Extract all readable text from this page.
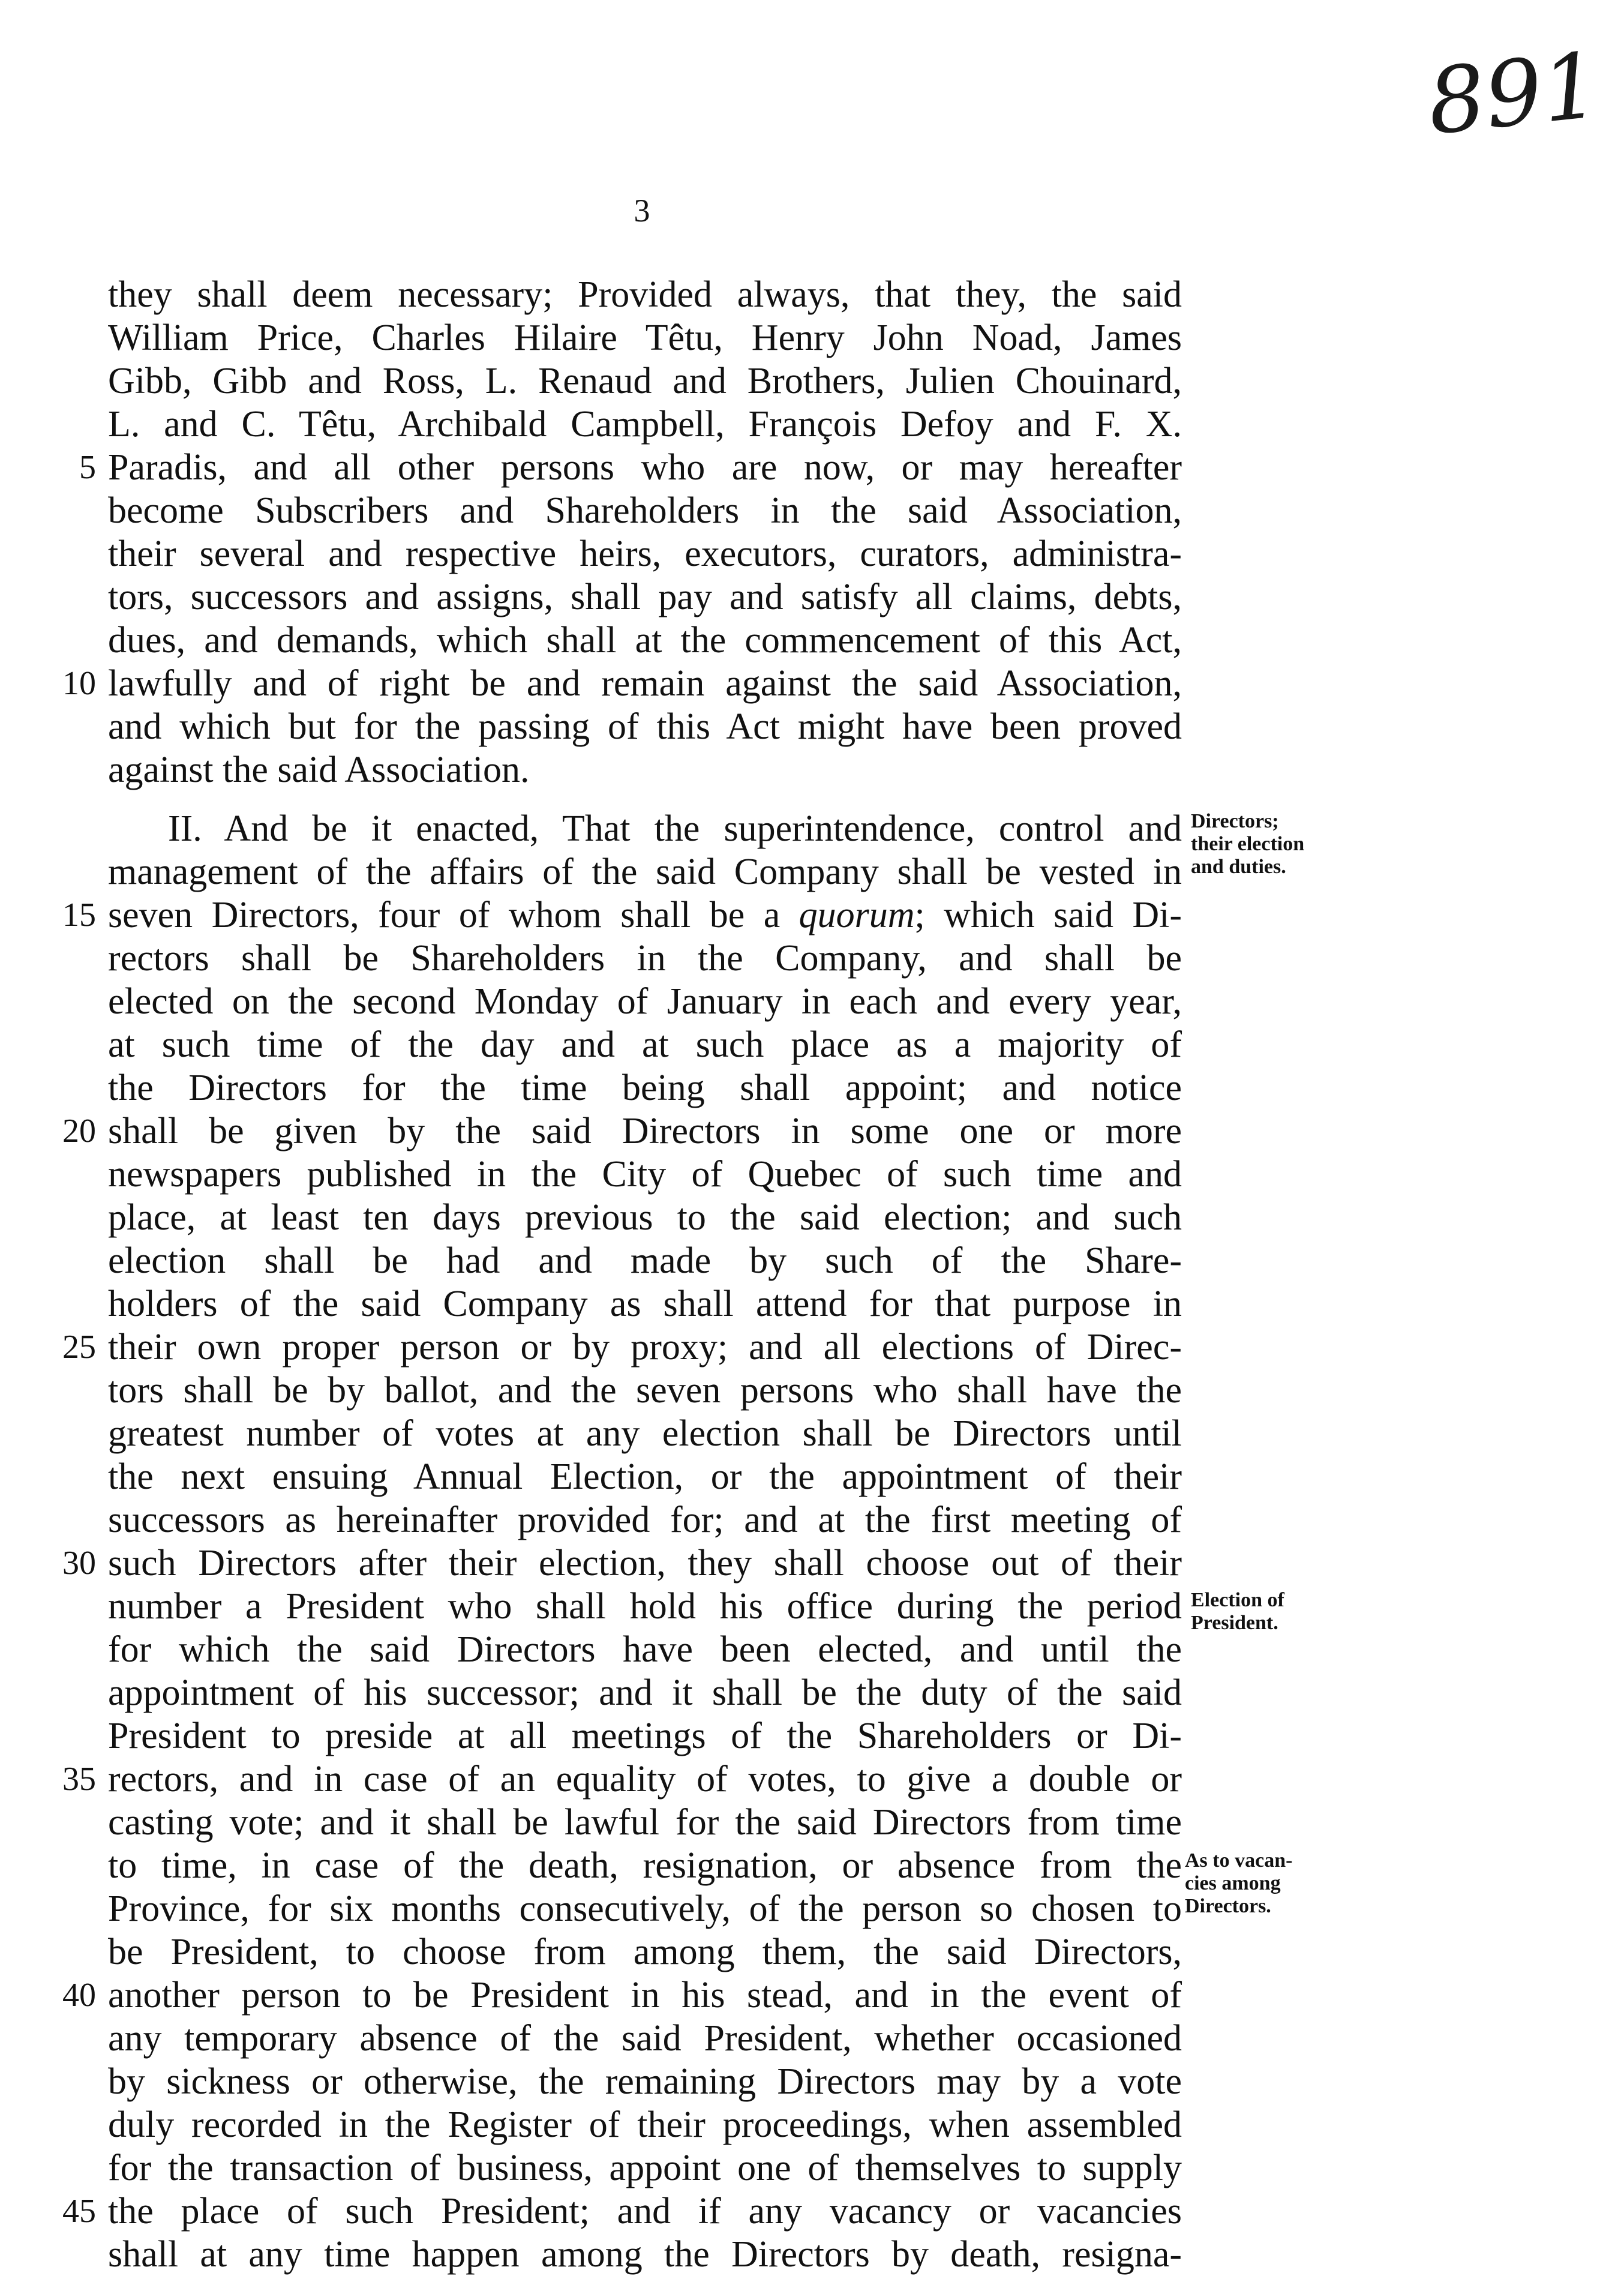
891
3
they shall deem necessary; Provided always, that they, the said
William Price, Charles Hilaire Têtu, Henry John Noad, James
Gibb, Gibb and Ross, L. Renaud and Brothers, Julien Chouinard,
L. and C. Têtu, Archibald Campbell, François Defoy and F. X.
Paradis, and all other persons who are now, or may hereafter
become Subscribers and Shareholders in the said Association,
their several and respective heirs, executors, curators, administra-
tors, successors and assigns, shall pay and satisfy all claims, debts,
dues, and demands, which shall at the commencement of this Act,
lawfully and of right be and remain against the said Association,
and which but for the passing of this Act might have been proved
against the said Association.
II. And be it enacted, That the superintendence, control and
management of the affairs of the said Company shall be vested in
seven Directors, four of whom shall be a quorum; which said Di-
rectors shall be Shareholders in the Company, and shall be
elected on the second Monday of January in each and every year,
at such time of the day and at such place as a majority of
the Directors for the time being shall appoint; and notice
shall be given by the said Directors in some one or more
newspapers published in the City of Quebec of such time and
place, at least ten days previous to the said election; and such
election shall be had and made by such of the Share-
holders of the said Company as shall attend for that purpose in
their own proper person or by proxy; and all elections of Direc-
tors shall be by ballot, and the seven persons who shall have the
greatest number of votes at any election shall be Directors until
the next ensuing Annual Election, or the appointment of their
successors as hereinafter provided for; and at the first meeting of
such Directors after their election, they shall choose out of their
number a President who shall hold his office during the period
for which the said Directors have been elected, and until the
appointment of his successor; and it shall be the duty of the said
President to preside at all meetings of the Shareholders or Di-
rectors, and in case of an equality of votes, to give a double or
casting vote; and it shall be lawful for the said Directors from time
to time, in case of the death, resignation, or absence from the
Province, for six months consecutively, of the person so chosen to
be President, to choose from among them, the said Directors,
another person to be President in his stead, and in the event of
any temporary absence of the said President, whether occasioned
by sickness or otherwise, the remaining Directors may by a vote
duly recorded in the Register of their proceedings, when assembled
for the transaction of business, appoint one of themselves to supply
the place of such President; and if any vacancy or vacancies
shall at any time happen among the Directors by death, resigna-
5
10
15
20
25
30
35
40
45
Directors;
their election
and duties.
Election of
President.
As to vacan-
cies among
Directors.
